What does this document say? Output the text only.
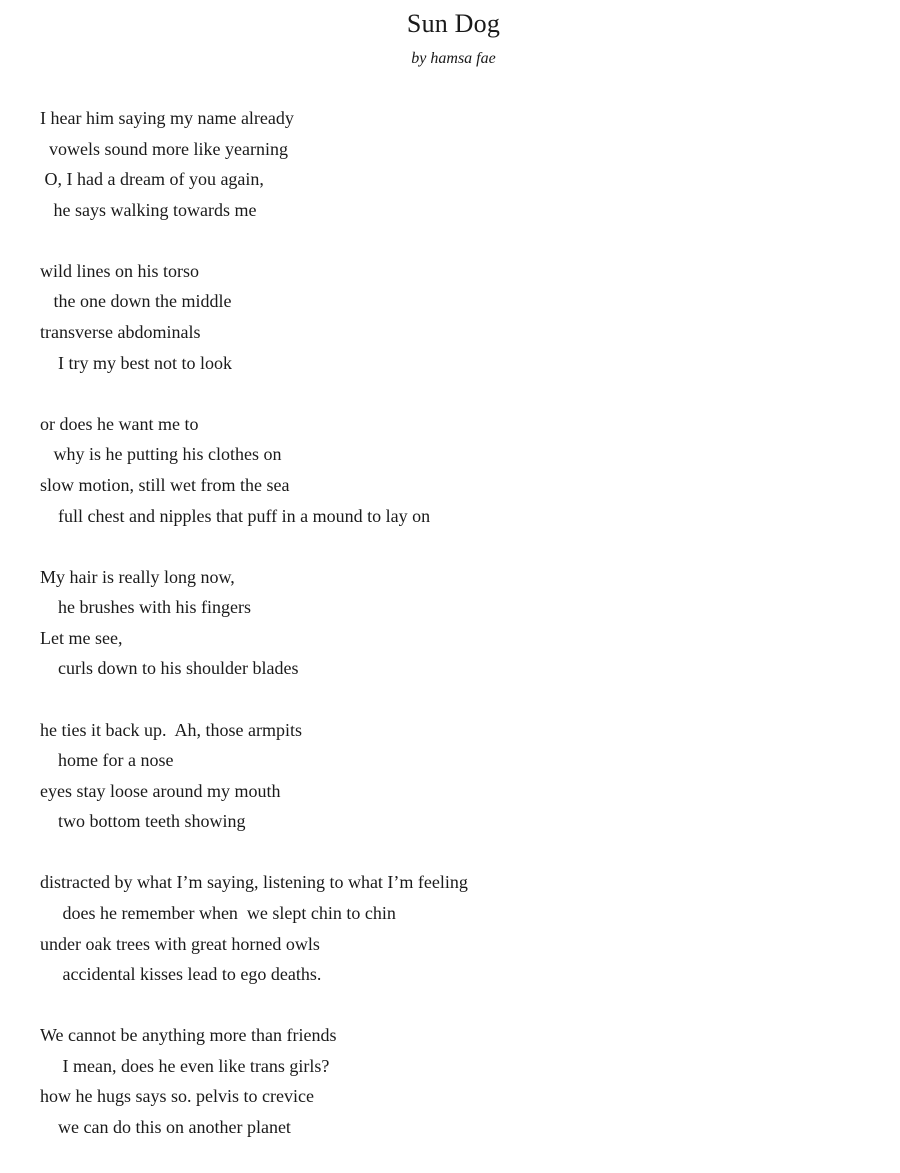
Sun Dog
by hamsa fae
I hear him saying my name already
vowels sound more like yearning
O, I had a dream of you again,
he says walking towards me
wild lines on his torso
the one down the middle
transverse abdominals
I try my best not to look
or does he want me to
why is he putting his clothes on
slow motion, still wet from the sea
full chest and nipples that puff in a mound to lay on
My hair is really long now,
he brushes with his fingers
Let me see,
curls down to his shoulder blades
he ties it back up.  Ah, those armpits
home for a nose
eyes stay loose around my mouth
two bottom teeth showing
distracted by what I’m saying, listening to what I’m feeling
does he remember when  we slept chin to chin
under oak trees with great horned owls
accidental kisses lead to ego deaths.
We cannot be anything more than friends
I mean, does he even like trans girls?
how he hugs says so. pelvis to crevice
we can do this on another planet
